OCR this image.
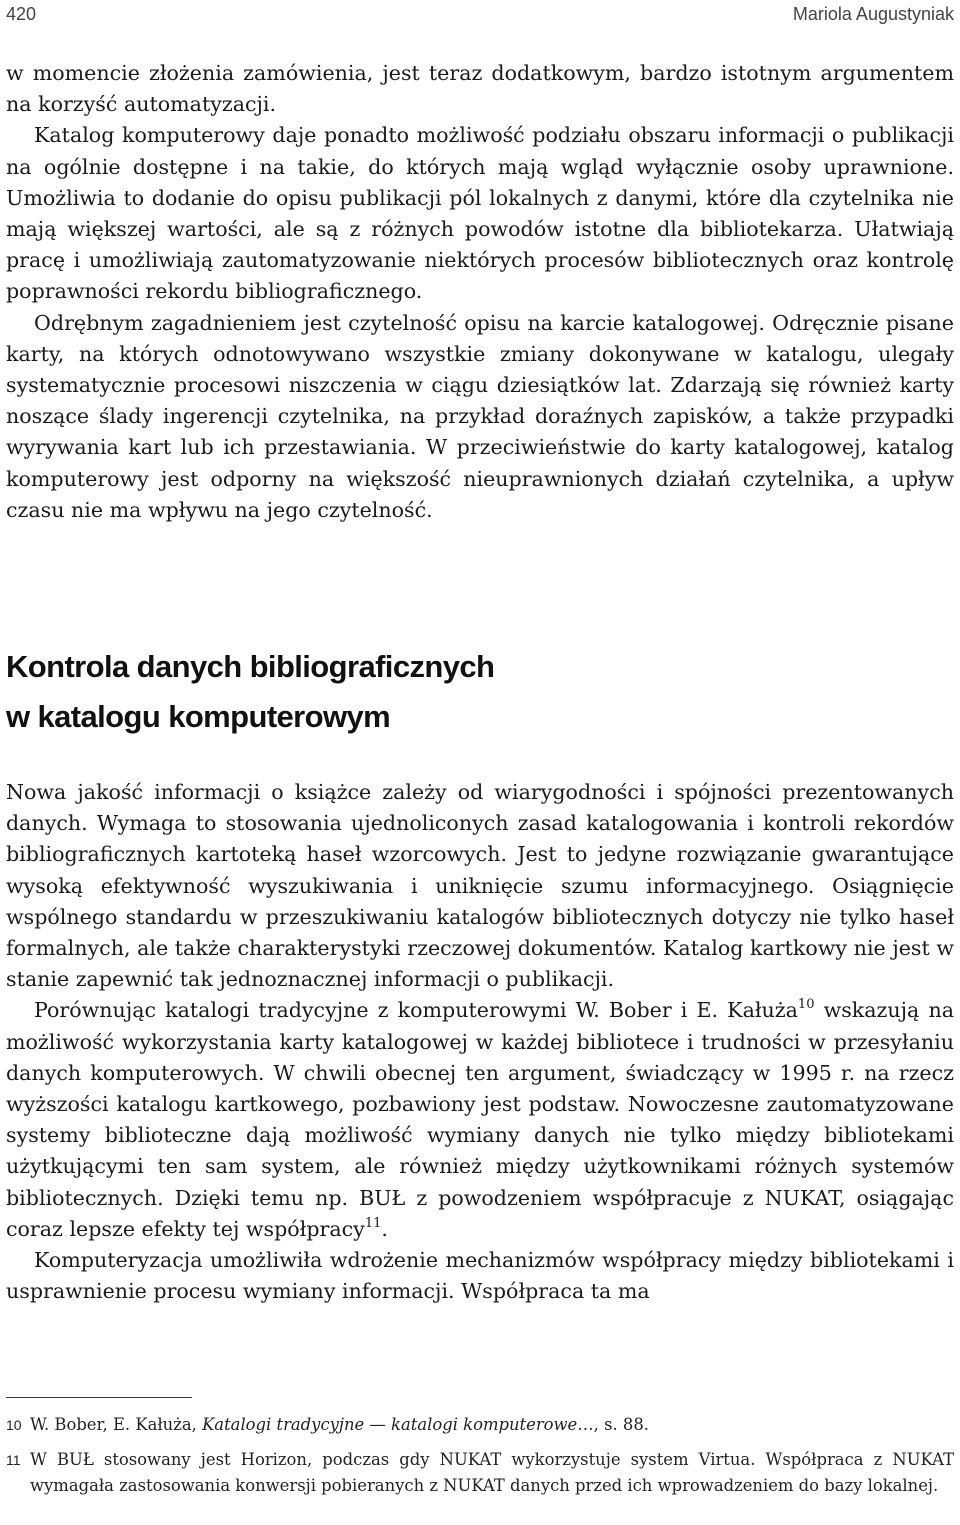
420	Mariola Augustyniak

w momencie złożenia zamówienia, jest teraz dodatkowym, bardzo istotnym argumentem na korzyść automatyzacji.

Katalog komputerowy daje ponadto możliwość podziału obszaru informacji o publikacji na ogólnie dostępne i na takie, do których mają wgląd wyłącznie osoby uprawnione. Umożliwia to dodanie do opisu publikacji pól lokalnych z danymi, które dla czytelnika nie mają większej wartości, ale są z różnych powodów istotne dla bibliotekarza. Ułatwiają pracę i umożliwiają zautomatyzowanie niektórych procesów bibliotecznych oraz kontrolę poprawności rekordu bibliograficznego.

Odrębnym zagadnieniem jest czytelność opisu na karcie katalogowej. Odręcznie pisane karty, na których odnotowywano wszystkie zmiany dokonywane w katalogu, ulegały systematycznie procesowi niszczenia w ciągu dziesiątków lat. Zdarzają się również karty noszące ślady ingerencji czytelnika, na przykład doraźnych zapisków, a także przypadki wyrywania kart lub ich przestawiania. W przeciwieństwie do karty katalogowej, katalog komputerowy jest odporny na większość nieuprawnionych działań czytelnika, a upływ czasu nie ma wpływu na jego czytelność.

Kontrola danych bibliograficznych
w katalogu komputerowym

Nowa jakość informacji o książce zależy od wiarygodności i spójności prezentowanych danych. Wymaga to stosowania ujednoliconych zasad katalogowania i kontroli rekordów bibliograficznych kartoteką haseł wzorcowych. Jest to jedyne rozwiązanie gwarantujące wysoką efektywność wyszukiwania i uniknięcie szumu informacyjnego. Osiągnięcie wspólnego standardu w przeszukiwaniu katalogów bibliotecznych dotyczy nie tylko haseł formalnych, ale także charakterystyki rzeczowej dokumentów. Katalog kartkowy nie jest w stanie zapewnić tak jednoznacznej informacji o publikacji.

Porównując katalogi tradycyjne z komputerowymi W. Bober i E. Kałuża$^{10}$ wskazują na możliwość wykorzystania karty katalogowej w każdej bibliotece i trudności w przesyłaniu danych komputerowych. W chwili obecnej ten argument, świadczący w 1995 r. na rzecz wyższości katalogu kartkowego, pozbawiony jest podstaw. Nowoczesne zautomatyzowane systemy biblioteczne dają możliwość wymiany danych nie tylko między bibliotekami użytkującymi ten sam system, ale również między użytkownikami różnych systemów bibliotecznych. Dzięki temu np. BUŁ z powodzeniem współpracuje z NUKAT, osiągając coraz lepsze efekty tej współpracy$^{11}$.

Komputeryzacja umożliwiła wdrożenie mechanizmów współpracy między bibliotekami i usprawnienie procesu wymiany informacji. Współpraca ta ma

10 W. Bober, E. Kałuża, Katalogi tradycyjne — katalogi komputerowe…, s. 88.
11 W BUŁ stosowany jest Horizon, podczas gdy NUKAT wykorzystuje system Virtua. Współpraca z NUKAT wymagała zastosowania konwersji pobieranych z NUKAT danych przed ich wprowadzeniem do bazy lokalnej.
